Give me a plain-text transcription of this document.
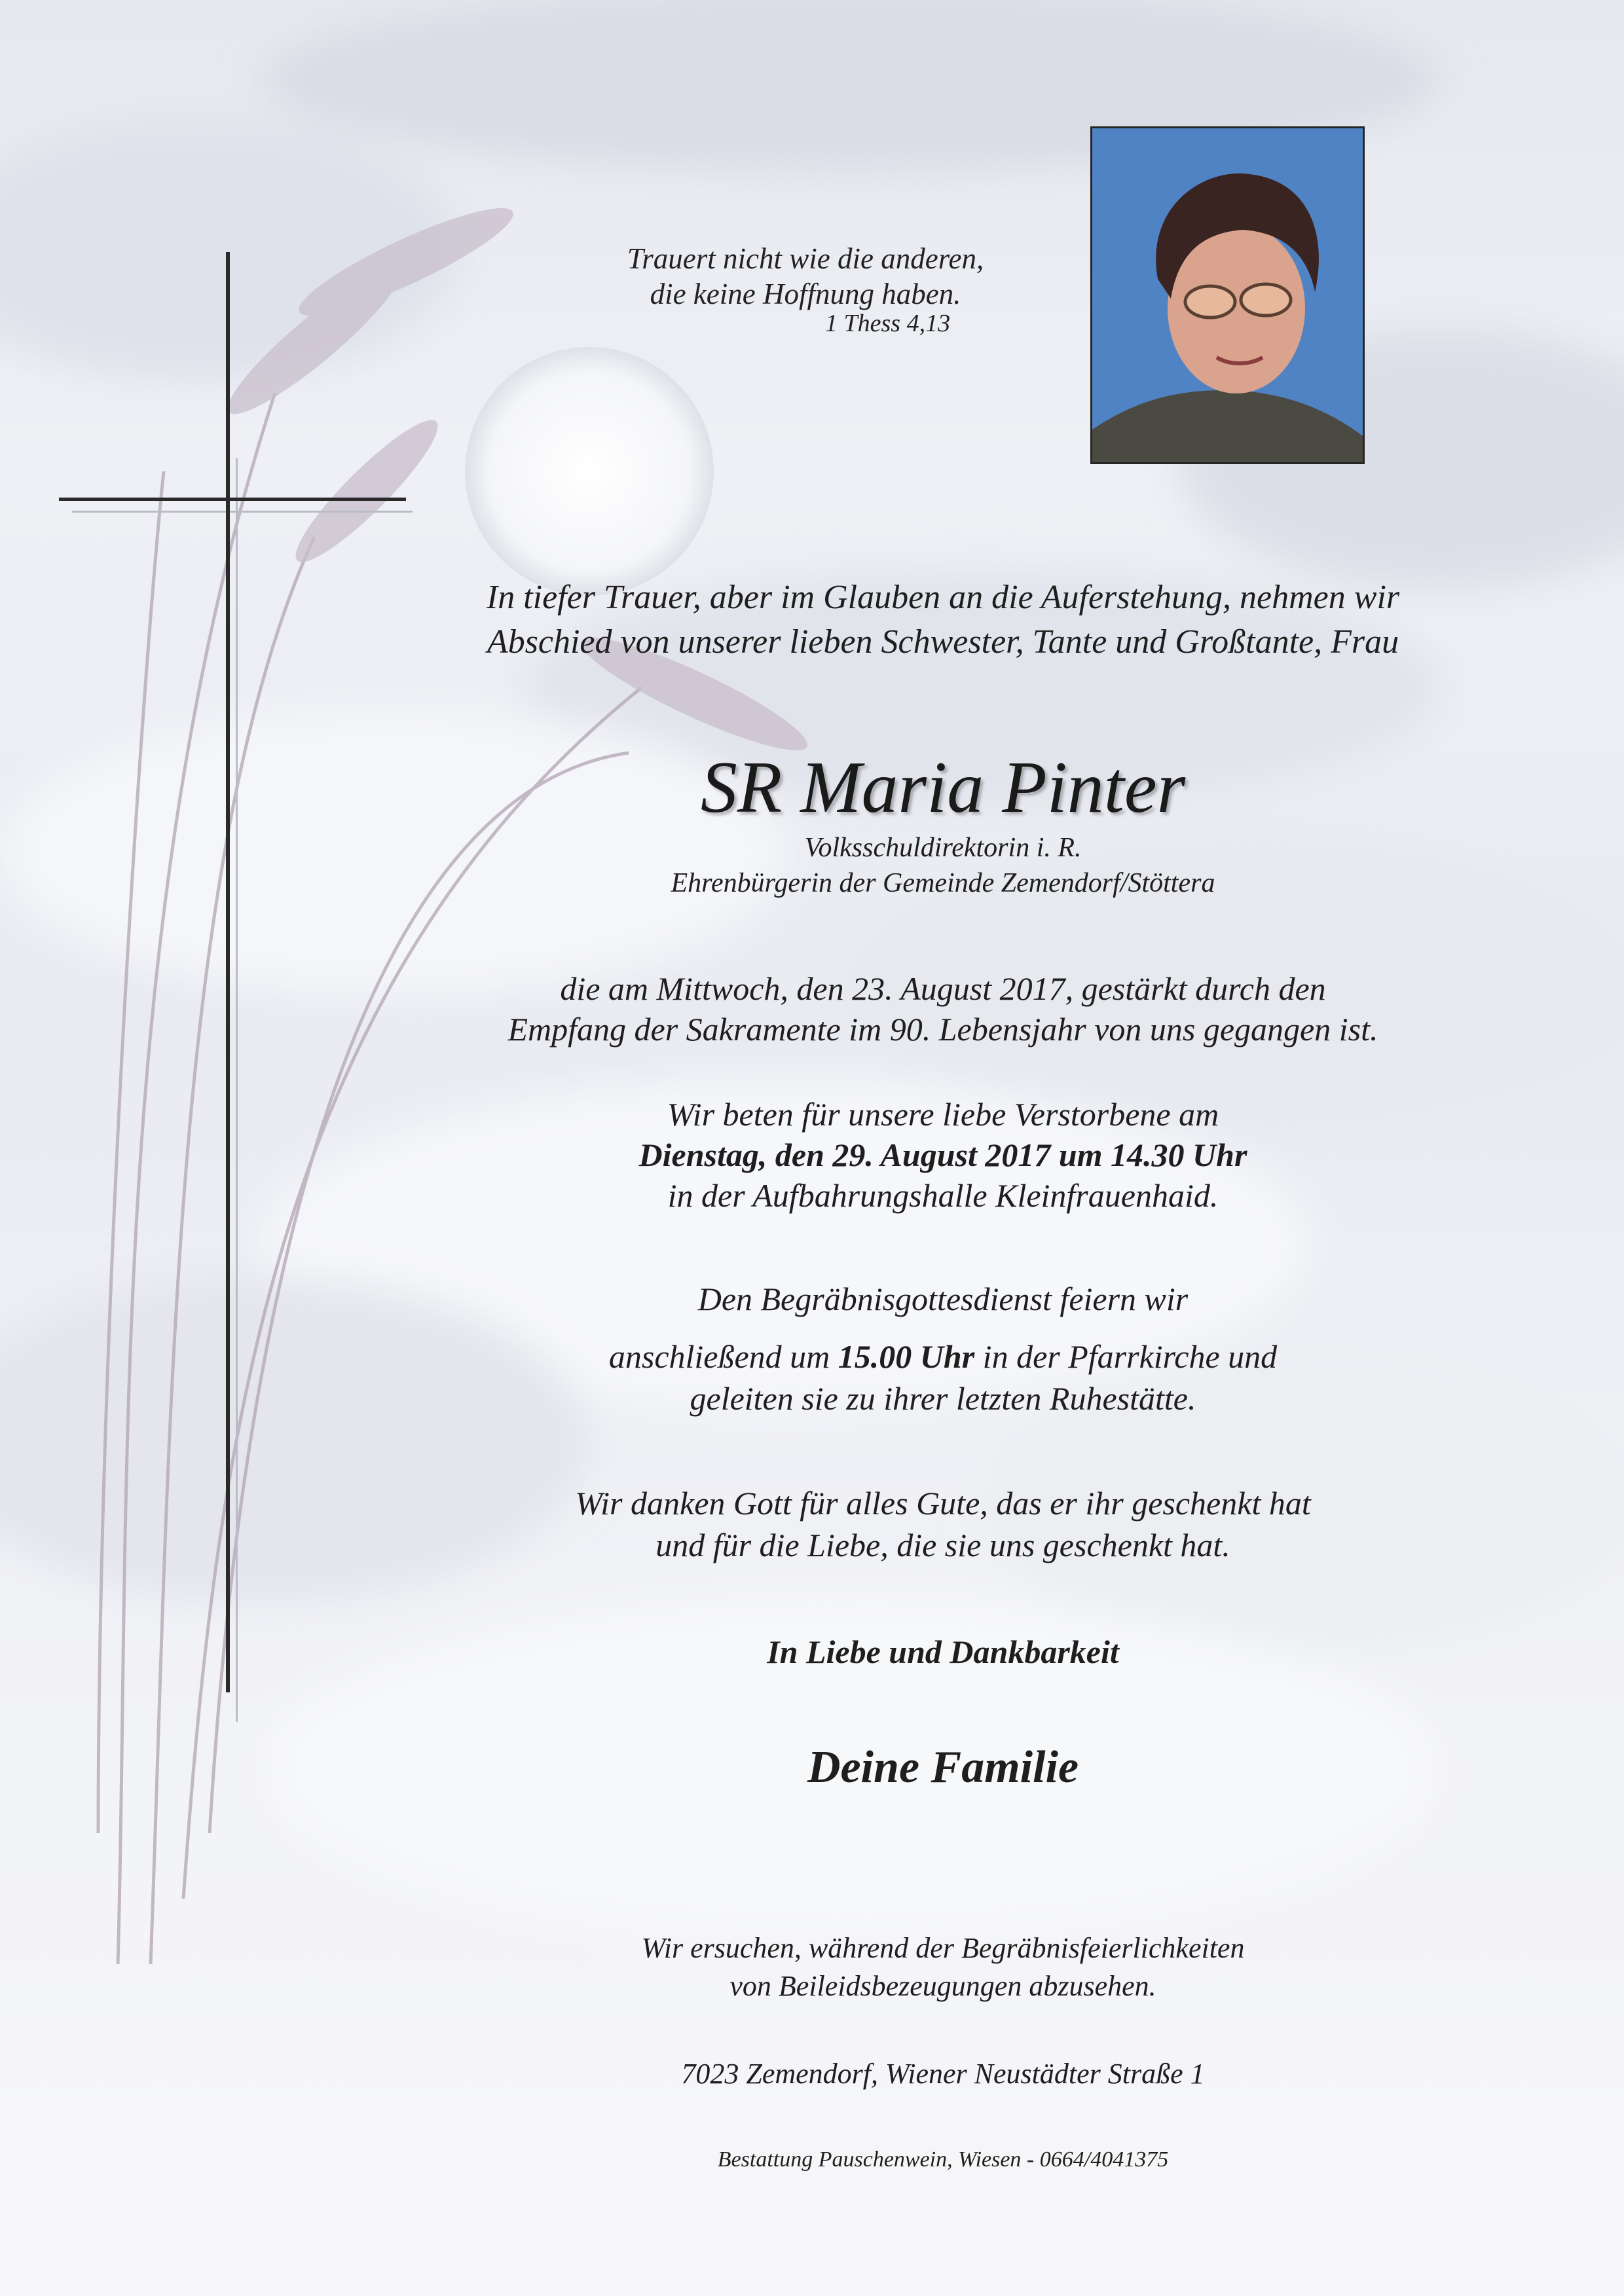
Trauert nicht wie die anderen,
die keine Hoffnung haben.
1 Thess 4,13
In tiefer Trauer, aber im Glauben an die Auferstehung, nehmen wir
Abschied von unserer lieben Schwester, Tante und Großtante, Frau
SR Maria Pinter
Volksschuldirektorin i. R.
Ehrenbürgerin der Gemeinde Zemendorf/Stöttera
die am Mittwoch, den 23. August 2017, gestärkt durch den
Empfang der Sakramente im 90. Lebensjahr von uns gegangen ist.
Wir beten für unsere liebe Verstorbene am
Dienstag, den 29. August 2017 um 14.30 Uhr
in der Aufbahrungshalle Kleinfrauenhaid.
Den Begräbnisgottesdienst feiern wir
anschließend um 15.00 Uhr in der Pfarrkirche und
geleiten sie zu ihrer letzten Ruhestätte.
Wir danken Gott für alles Gute, das er ihr geschenkt hat
und für die Liebe, die sie uns geschenkt hat.
In Liebe und Dankbarkeit
Deine Familie
Wir ersuchen, während der Begräbnisfeierlichkeiten
von Beileidsbezeugungen abzusehen.
7023 Zemendorf, Wiener Neustädter Straße 1
Bestattung Pauschenwein, Wiesen - 0664/4041375
